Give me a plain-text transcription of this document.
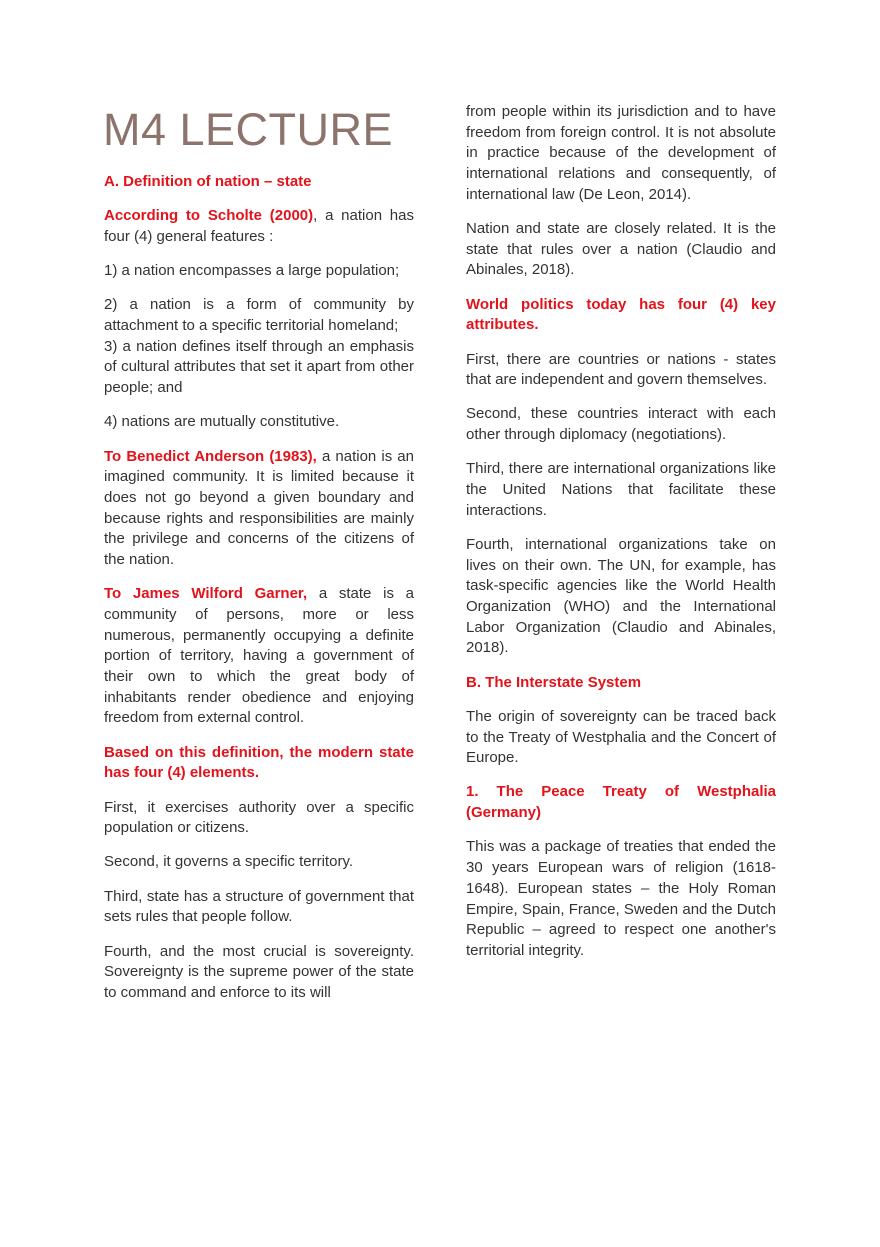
M4 LECTURE

A. Definition of nation – state

According to Scholte (2000), a nation has four (4) general features :

1) a nation encompasses a large population;

2) a nation is a form of community by attachment to a specific territorial homeland;

3) a nation defines itself through an emphasis of cultural attributes that set it apart from other people; and

4) nations are mutually constitutive.

To Benedict Anderson (1983), a nation is an imagined community. It is limited because it does not go beyond a given boundary and because rights and responsibilities are mainly the privilege and concerns of the citizens of the nation.

To James Wilford Garner, a state is a community of persons, more or less numerous, permanently occupying a definite portion of territory, having a government of their own to which the great body of inhabitants render obedience and enjoying freedom from external control.

Based on this definition, the modern state has four (4) elements.

First, it exercises authority over a specific population or citizens.

Second, it governs a specific territory.

Third, state has a structure of government that sets rules that people follow.

Fourth, and the most crucial is sovereignty. Sovereignty is the supreme power of the state to command and enforce to its will

from people within its jurisdiction and to have freedom from foreign control. It is not absolute in practice because of the development of international relations and consequently, of international law (De Leon, 2014).

Nation and state are closely related. It is the state that rules over a nation (Claudio and Abinales, 2018).

World politics today has four (4) key attributes.

First, there are countries or nations - states that are independent and govern themselves.

Second, these countries interact with each other through diplomacy (negotiations).

Third, there are international organizations like the United Nations that facilitate these interactions.

Fourth, international organizations take on lives on their own. The UN, for example, has task-specific agencies like the World Health Organization (WHO) and the International Labor Organization (Claudio and Abinales, 2018).

B. The Interstate System

The origin of sovereignty can be traced back to the Treaty of Westphalia and the Concert of Europe.

1. The Peace Treaty of Westphalia (Germany)

This was a package of treaties that ended the 30 years European wars of religion (1618-1648). European states – the Holy Roman Empire, Spain, France, Sweden and the Dutch Republic – agreed to respect one another's territorial integrity.
